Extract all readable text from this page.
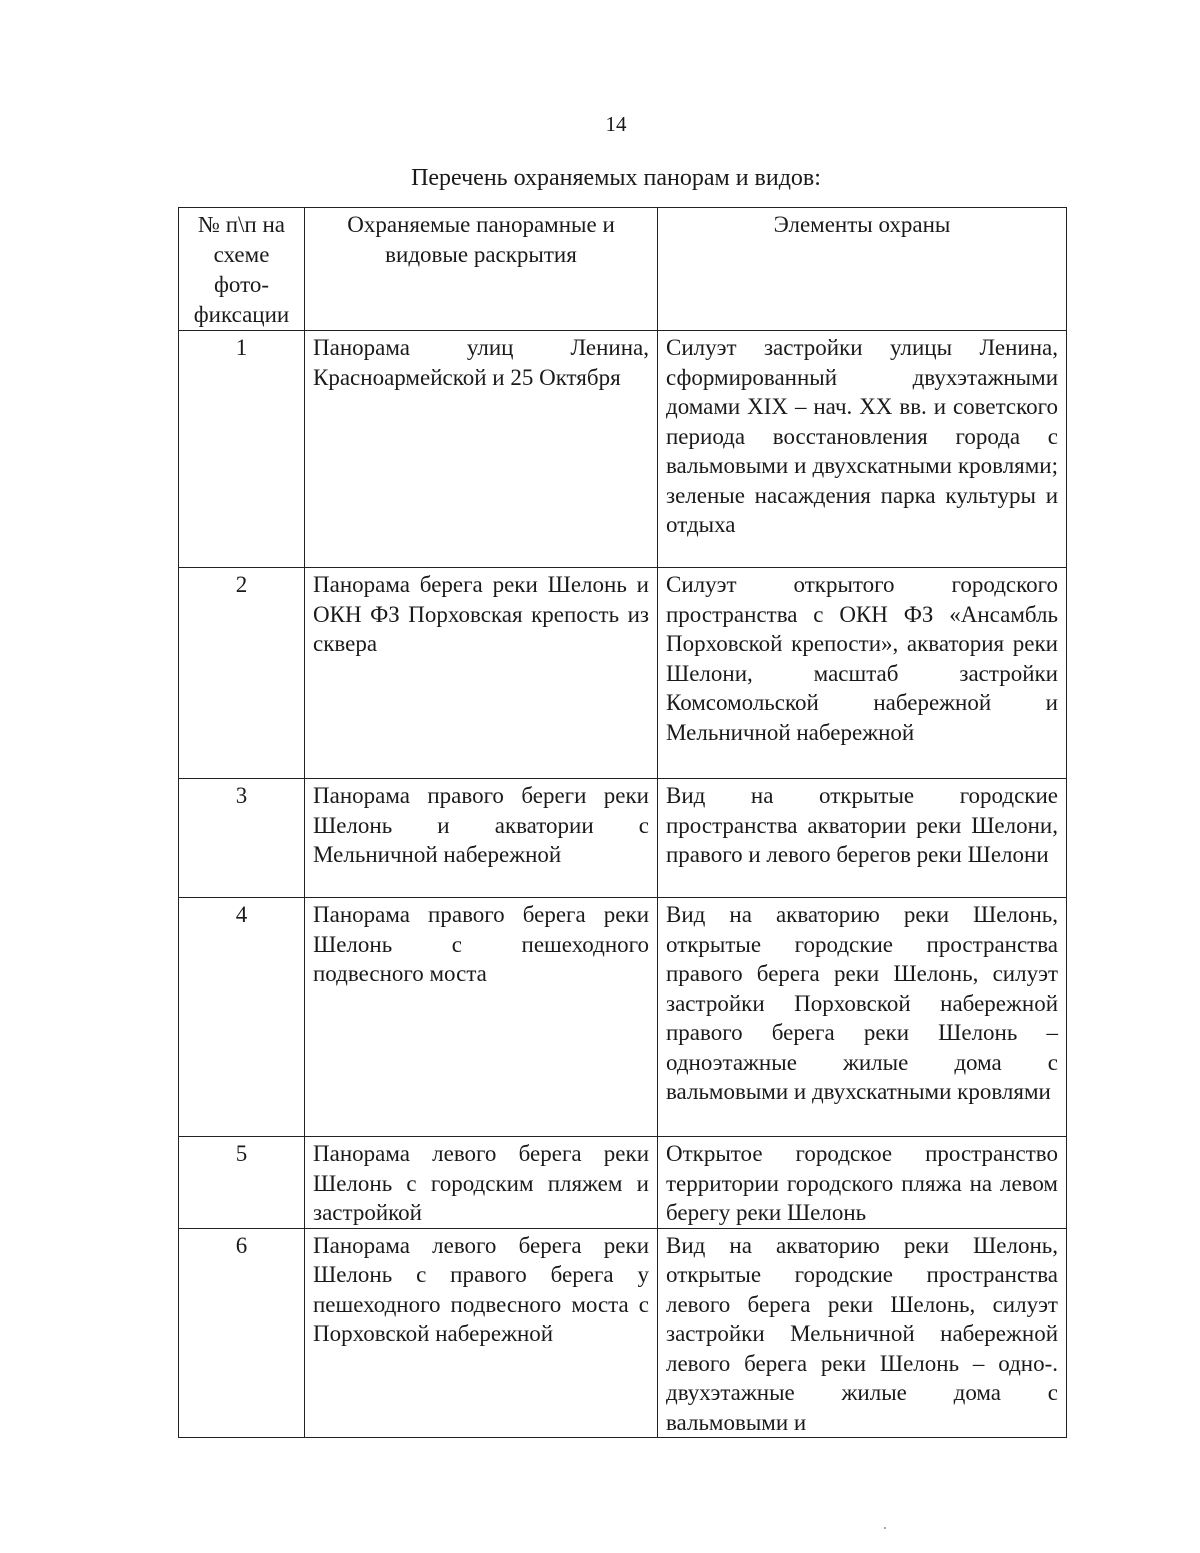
14
Перечень охраняемых панорам и видов:
№ п\п на схеме фото-фиксации	Охраняемые панорамные и видовые раскрытия	Элементы охраны
1	Панорама улиц Ленина, Красноармейской и 25 Октября	Силуэт застройки улицы Ленина, сформированный двухэтажными домами XIX – нач. XX вв. и советского периода восстановления города с вальмовыми и двухскатными кровлями; зеленые насаждения парка культуры и отдыха
2	Панорама берега реки Шелонь и ОКН ФЗ Порховская крепость из сквера	Силуэт открытого городского пространства с ОКН ФЗ «Ансамбль Порховской крепости», акватория реки Шелони, масштаб застройки Комсомольской набережной и Мельничной набережной
3	Панорама правого береги реки Шелонь и акватории с Мельничной набережной	Вид на открытые городские пространства акватории реки Шелони, правого и левого берегов реки Шелони
4	Панорама правого берега реки Шелонь с пешеходного подвесного моста	Вид на акваторию реки Шелонь, открытые городские пространства правого берега реки Шелонь, силуэт застройки Порховской набережной правого берега реки Шелонь – одноэтажные жилые дома с вальмовыми и двухскатными кровлями
5	Панорама левого берега реки Шелонь с городским пляжем и застройкой	Открытое городское пространство территории городского пляжа на левом берегу реки Шелонь
6	Панорама левого берега реки Шелонь с правого берега у пешеходного подвесного моста с Порховской набережной	Вид на акваторию реки Шелонь, открытые городские пространства левого берега реки Шелонь, силуэт застройки Мельничной набережной левого берега реки Шелонь – одно-. двухэтажные жилые дома с вальмовыми и
